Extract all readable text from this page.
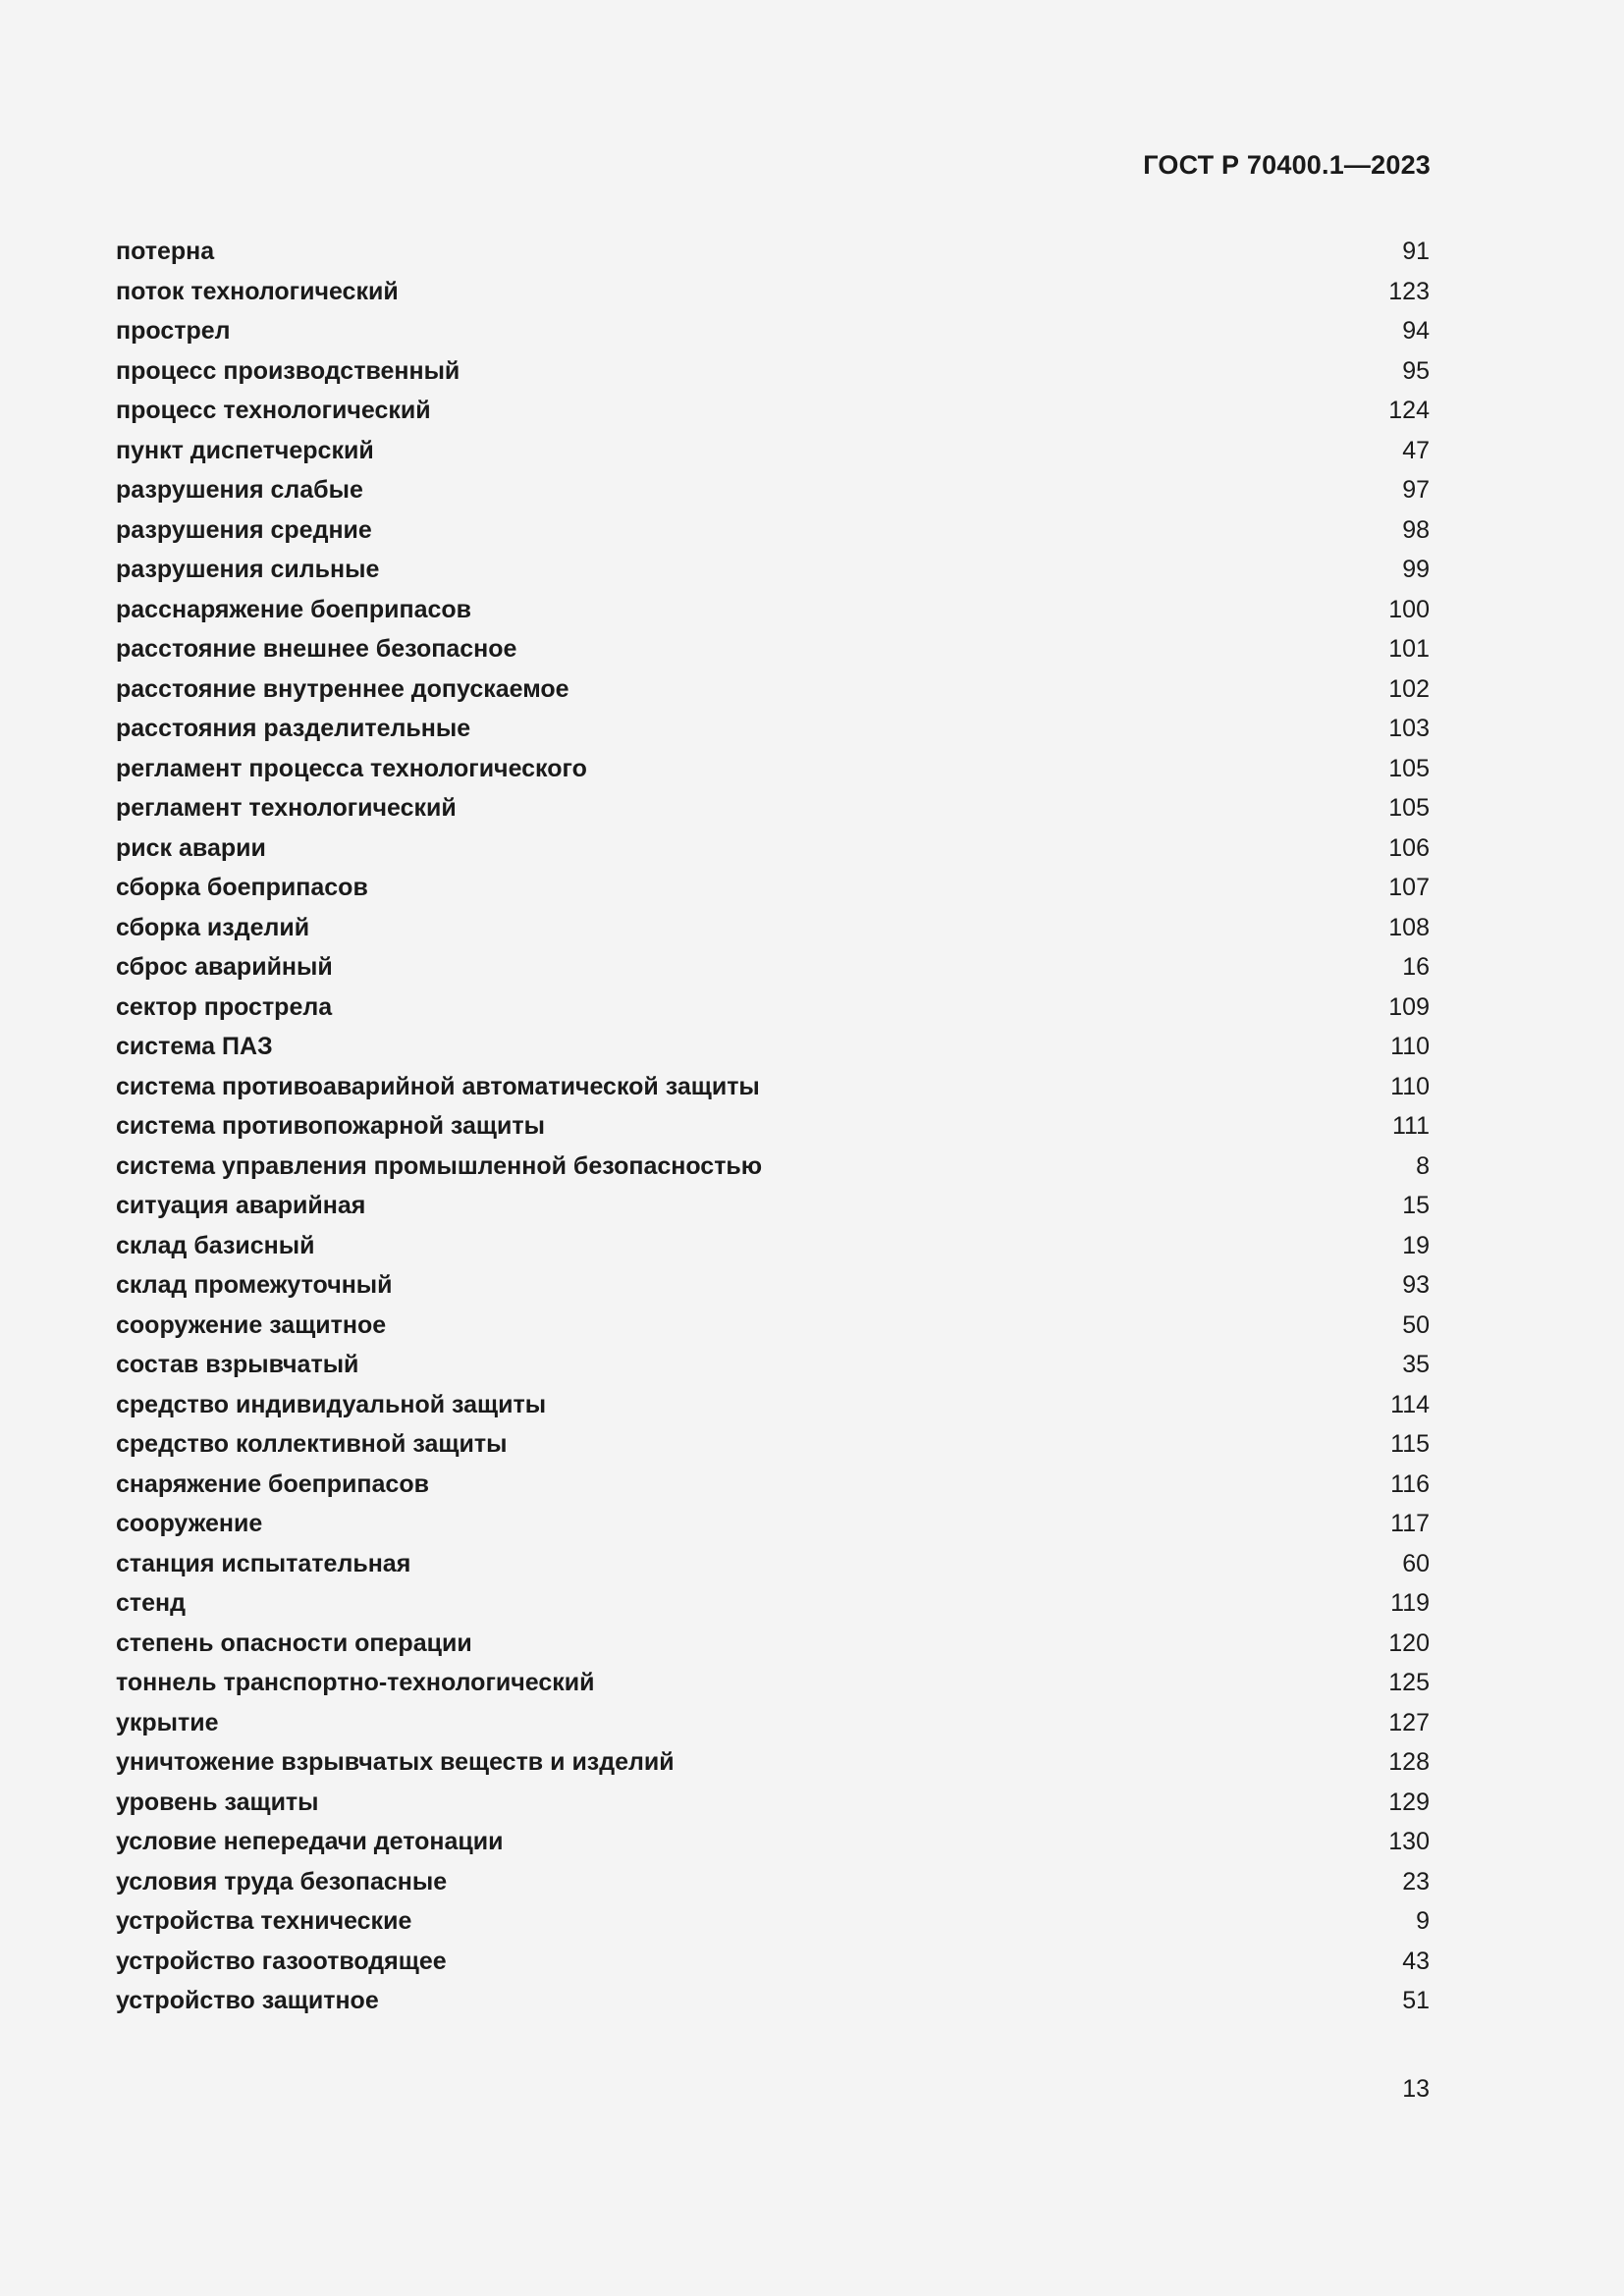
ГОСТ Р 70400.1—2023
потерна	91
поток технологический	123
прострел	94
процесс производственный	95
процесс технологический	124
пункт диспетчерский	47
разрушения слабые	97
разрушения средние	98
разрушения сильные	99
расснаряжение боеприпасов	100
расстояние внешнее безопасное	101
расстояние внутреннее допускаемое	102
расстояния разделительные	103
регламент процесса технологического	105
регламент технологический	105
риск аварии	106
сборка боеприпасов	107
сборка изделий	108
сброс аварийный	16
сектор прострела	109
система ПАЗ	110
система противоаварийной автоматической защиты	110
система противопожарной защиты	111
система управления промышленной безопасностью	8
ситуация аварийная	15
склад базисный	19
склад промежуточный	93
сооружение защитное	50
состав взрывчатый	35
средство индивидуальной защиты	114
средство коллективной защиты	115
снаряжение боеприпасов	116
сооружение	117
станция испытательная	60
стенд	119
степень опасности операции	120
тоннель транспортно-технологический	125
укрытие	127
уничтожение взрывчатых веществ и изделий	128
уровень защиты	129
условие непередачи детонации	130
условия труда безопасные	23
устройства технические	9
устройство газоотводящее	43
устройство защитное	51
13
